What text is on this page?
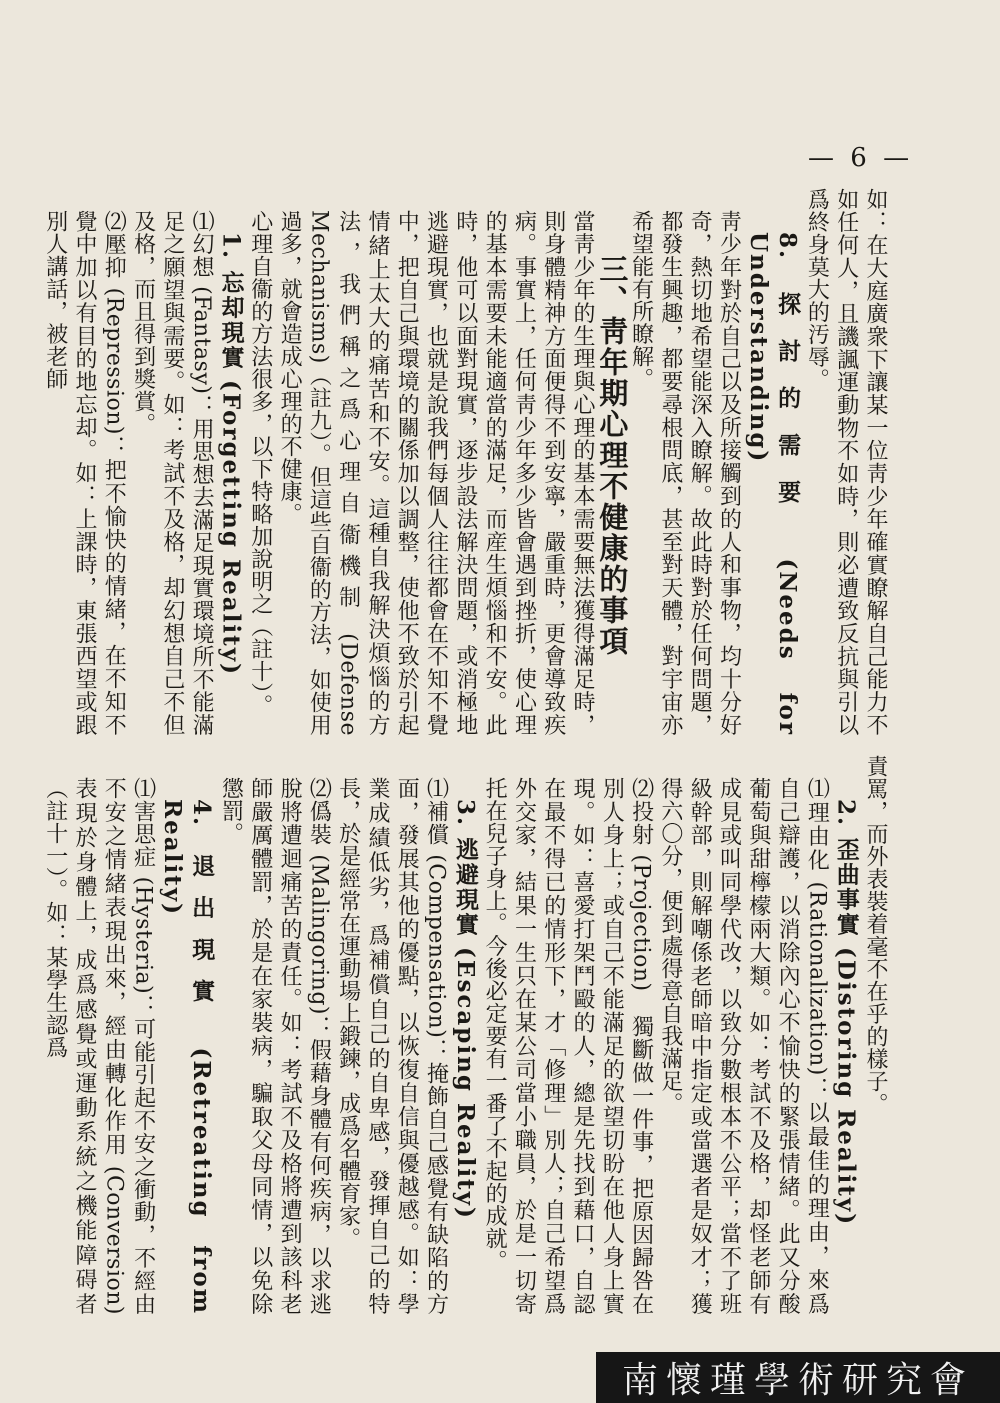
— 6 —

如：在大庭廣衆下讓某一位靑少年確實瞭解自己能力不如任何人，且譏諷運動物不如時，則必遭致反抗與引以爲終身莫大的汚辱。

8. 探討的需要 (Needs for Understanding)

靑少年對於自己以及所接觸到的人和事物，均十分好奇，熱切地希望能深入瞭解。故此時對於任何問題，都發生興趣，都要尋根問底，甚至對天體，對宇宙亦希望能有所瞭解。

三、靑年期心理不健康的事項

當靑少年的生理與心理的基本需要無法獲得滿足時，則身體精神方面便得不到安寧，嚴重時，更會導致疾病。事實上，任何靑少年多少皆會遇到挫折，使心理的基本需要未能適當的滿足，而産生煩惱和不安。此時，他可以面對現實，逐步設法解決問題，或消極地逃避現實，也就是說我們每個人往往都會在不知不覺中，把自己與環境的關係加以調整，使他不致於引起情緒上太大的痛苦和不安。這種自我解決煩惱的方法，我們稱之爲心理自衞機制 (Defense Mechanisms)（註九）。但這些自衞的方法，如使用過多，就會造成心理的不健康。

心理自衞的方法很多，以下特略加說明之（註十）。

1. 忘却現實 (Forgetting Reality)

⑴幻想 (Fantasy)：用思想去滿足現實環境所不能滿足之願望與需要。如：考試不及格，却幻想自己不但及格，而且得到獎賞。

⑵壓抑 (Repression)：把不愉快的情緒，在不知不覺中加以有目的地忘却。如：上課時，東張西望或跟別人講話，被老師

責罵，而外表裝着毫不在乎的樣子。

2. 歪曲事實 (Distoring Reality)

⑴理由化 (Rationalization)：以最佳的理由，來爲自己辯護，以消除內心不愉快的緊張情緒。此又分酸葡萄與甜檸檬兩大類。如：考試不及格，却怪老師有成見或叫同學代改，以致分數根本不公平；當不了班級幹部，則解嘲係老師暗中指定或當選者是奴才；獲得六〇分，便到處得意自我滿足。

⑵投射 (Projection)　獨斷做一件事，把原因歸咎在別人身上；或自己不能滿足的欲望切盼在他人身上實現。如：喜愛打架鬥毆的人，總是先找到藉口，自認在最不得已的情形下，才「修理」別人；自己希望爲外交家，結果一生只在某公司當小職員，於是一切寄托在兒子身上。今後必定要有一番了不起的成就。

3. 逃避現實 (Escaping Reality)

⑴補償 (Compensation)：掩飾自己感覺有缺陷的方面，發展其他的優點，以恢復自信與優越感。如：學業成績低劣，爲補償自己的自卑感，發揮自己的特長，於是經常在運動場上鍛鍊，成爲名體育家。

⑵僞裝 (Malingoring)：假藉身體有何疾病，以求逃脫將遭迴痛苦的責任。如：考試不及格將遭到該科老師嚴厲體罰，於是在家裝病，騙取父母同情，以免除懲罰。

4. 退出現實 (Retreating from Reality)

⑴害思症 (Hysteria)：可能引起不安之衝動，不經由不安之情緒表現出來，經由轉化作用 (Conversion)表現於身體上，成爲感覺或運動系統之機能障碍者（註十一）。如：某學生認爲

南懷瑾學術研究會
